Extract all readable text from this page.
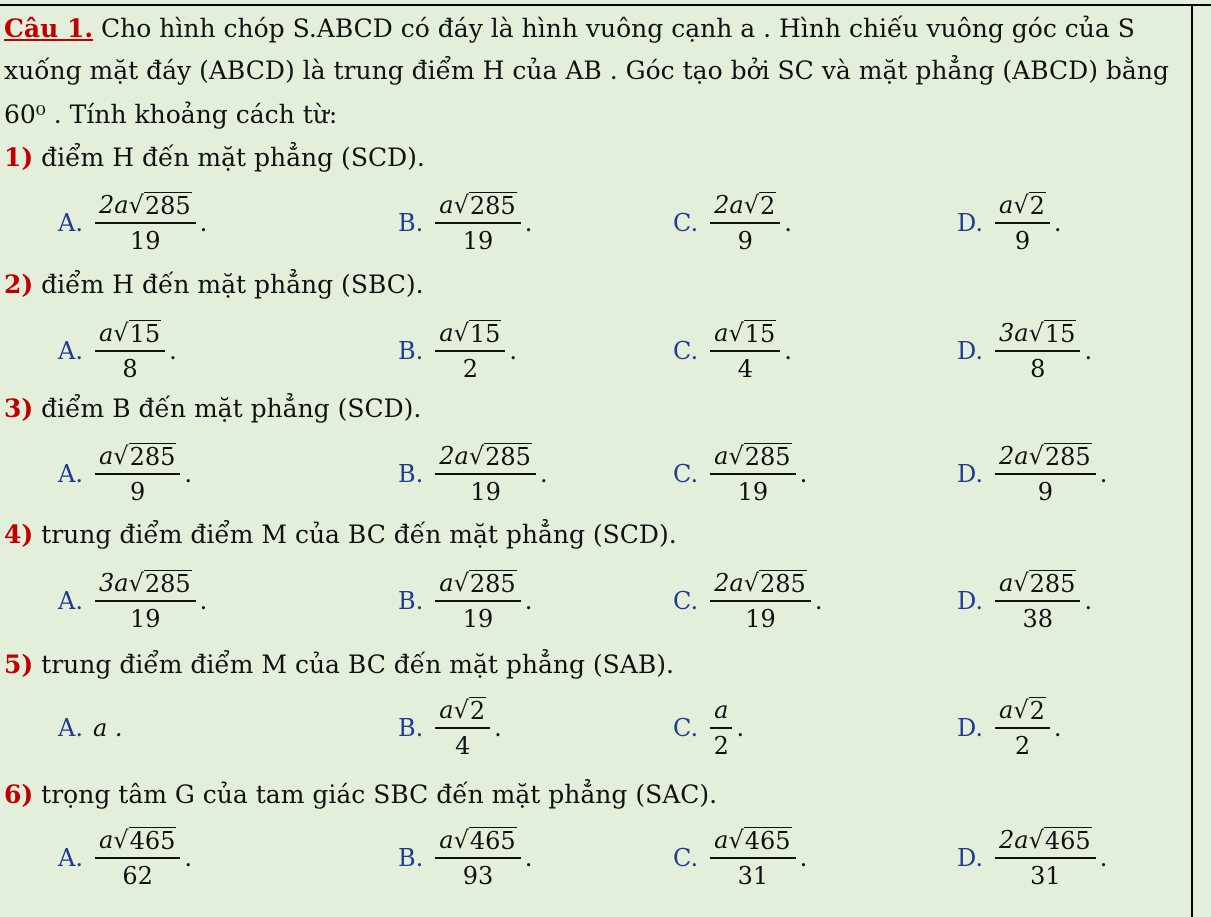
Câu 1. Cho hình chóp S.ABCD có đáy là hình vuông cạnh a . Hình chiếu vuông góc của S
xuống mặt đáy (ABCD) là trung điểm H của AB . Góc tạo bởi SC và mặt phẳng (ABCD) bằng
60⁰ . Tính khoảng cách từ:
1) điểm H đến mặt phẳng (SCD).
A. $\frac{2a √ 285}{19}$ .	B. $\frac{a √ 285}{19}$ .	C. $\frac{2a √ 2}{9}$ .	D. $\frac{a √ 2}{9}$ .
2) điểm H đến mặt phẳng (SBC).
A. $\frac{a √ 15}{8}$ .	B. $\frac{a √ 15}{2}$ .	C. $\frac{a √ 15}{4}$ .	D. $\frac{3a √ 15}{8}$ .
3) điểm B đến mặt phẳng (SCD).
A. $\frac{a √ 285}{9}$ .	B. $\frac{2a √ 285}{19}$ .	C. $\frac{a √ 285}{19}$ .	D. $\frac{2a √ 285}{9}$ .
4) trung điểm điểm M của BC đến mặt phẳng (SCD).
A. $\frac{3a √ 285}{19}$ .	B. $\frac{a √ 285}{19}$ .	C. $\frac{2a √ 285}{19}$ .	D. $\frac{a √ 285}{38}$ .
5) trung điểm điểm M của BC đến mặt phẳng (SAB).
A. a .	B. $\frac{a √ 2}{4}$ .	C. $\frac{a}{2}$ .	D. $\frac{a √ 2}{2}$ .
6) trọng tâm G của tam giác SBC đến mặt phẳng (SAC).
A. $\frac{a √ 465}{62}$ .	B. $\frac{a √ 465}{93}$ .	C. $\frac{a √ 465}{31}$ .	D. $\frac{2a √ 465}{31}$ .
